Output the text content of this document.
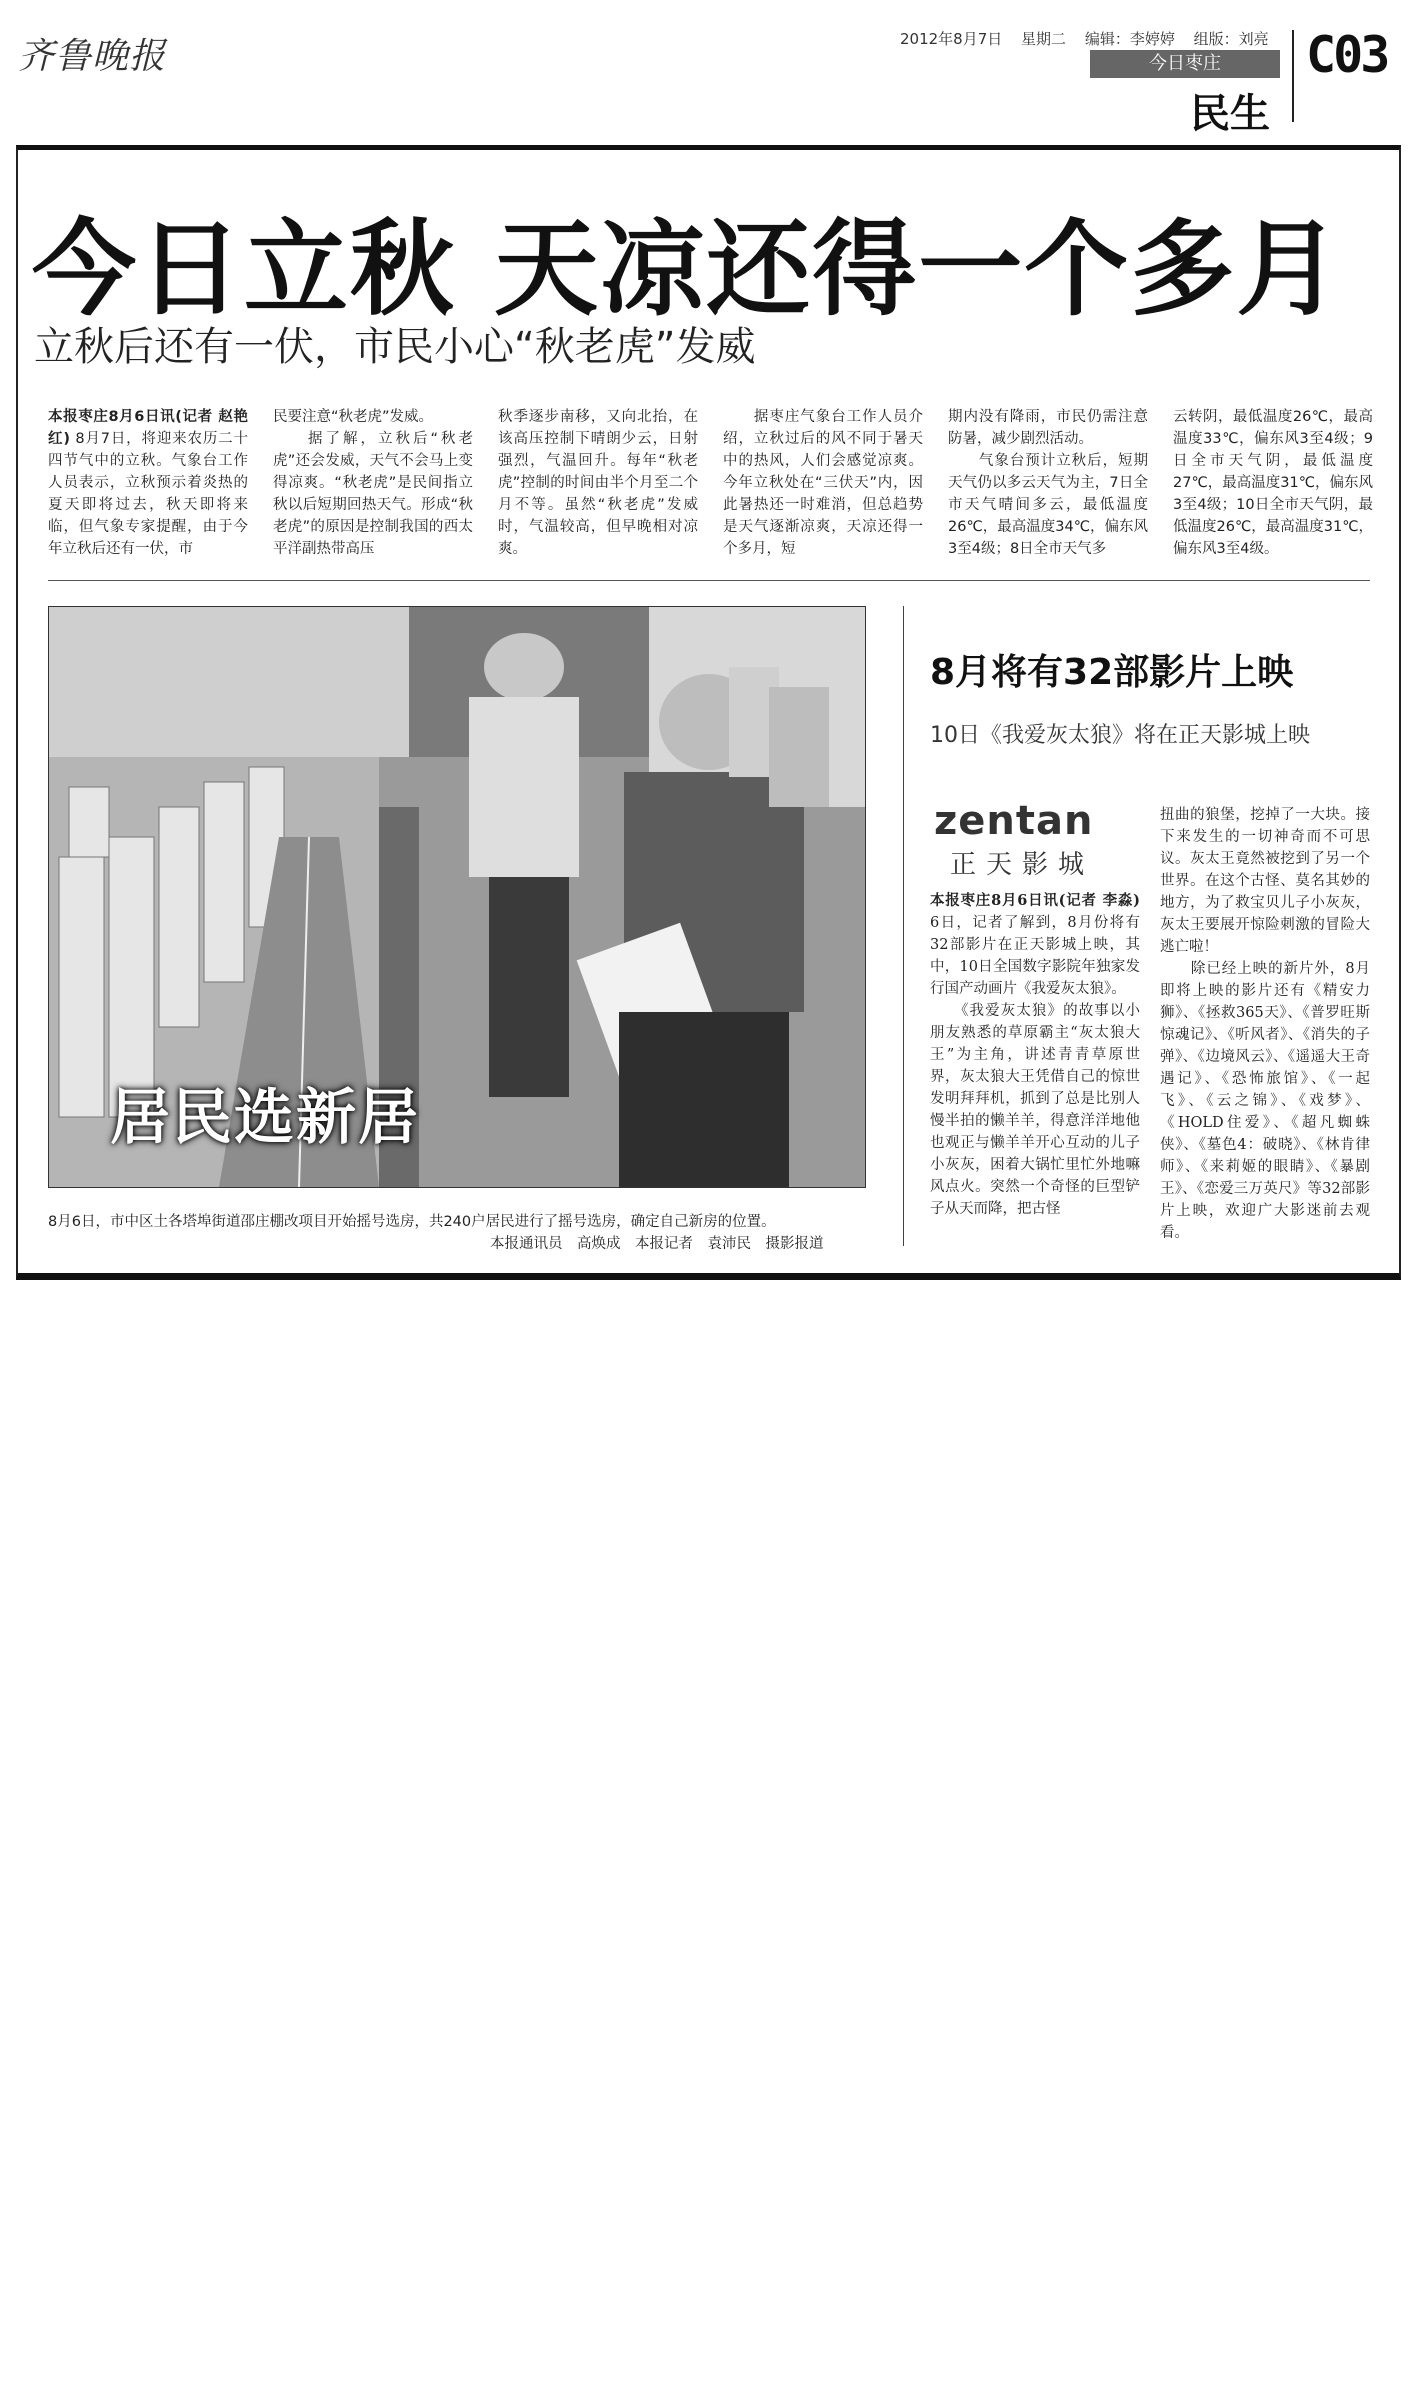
齐鲁晚报	2012年8月7日 星期二 编辑：李婷婷 组版：刘亮
今日枣庄
民生
C03
今日立秋 天凉还得一个多月
立秋后还有一伏，市民小心“秋老虎”发威
本报枣庄8月6日讯(记者 赵艳红) 8月7日，将迎来农历二十四节气中的立秋。气象台工作人员表示，立秋预示着炎热的夏天即将过去，秋天即将来临，但气象专家提醒，由于今年立秋后还有一伏，市
民要注意“秋老虎”发威。
　　据了解，立秋后“秋老虎”还会发威，天气不会马上变得凉爽。“秋老虎”是民间指立秋以后短期回热天气。形成“秋老虎”的原因是控制我国的西太平洋副热带高压
秋季逐步南移，又向北抬，在该高压控制下晴朗少云，日射强烈，气温回升。每年“秋老虎”控制的时间由半个月至二个月不等。虽然“秋老虎”发威时，气温较高，但早晚相对凉爽。
　　据枣庄气象台工作人员介绍，立秋过后的风不同于暑天中的热风，人们会感觉凉爽。今年立秋处在“三伏天”内，因此暑热还一时难消，但总趋势是天气逐渐凉爽，天凉还得一个多月，短
期内没有降雨，市民仍需注意防暑，减少剧烈活动。
　　气象台预计立秋后，短期天气仍以多云天气为主，7日全市天气晴间多云，最低温度26℃，最高温度34℃，偏东风3至4级；8日全市天气多
云转阴，最低温度26℃，最高温度33℃，偏东风3至4级；9日全市天气阴，最低温度27℃，最高温度31℃，偏东风3至4级；10日全市天气阴，最低温度26℃，最高温度31℃，偏东风3至4级。
居民选新居
8月6日，市中区土各塔埠街道邵庄棚改项目开始摇号选房，共240户居民进行了摇号选房，确定自己新房的位置。
本报通讯员　高焕成　本报记者　袁沛民　摄影报道
8月将有32部影片上映
10日《我爱灰太狼》将在正天影城上映
zentan
正天影城
本报枣庄8月6日讯(记者 李淼) 6日，记者了解到，8月份将有32部影片在正天影城上映，其中，10日全国数字影院年独家发行国产动画片《我爱灰太狼》。
　　《我爱灰太狼》的故事以小朋友熟悉的草原霸主“灰太狼大王”为主角，讲述青青草原世界，灰太狼大王凭借自己的惊世发明拜拜机，抓到了总是比别人慢半拍的懒羊羊，得意洋洋地他也观正与懒羊羊开心互动的儿子小灰灰，困着大锅忙里忙外地嘛风点火。突然一个奇怪的巨型铲子从天而降，把古怪
扭曲的狼堡，挖掉了一大块。接下来发生的一切神奇而不可思议。灰太王竟然被挖到了另一个世界。在这个古怪、莫名其妙的地方，为了救宝贝儿子小灰灰，灰太王要展开惊险刺激的冒险大逃亡啦！
　　除已经上映的新片外，8月即将上映的影片还有《精安力狮》、《拯救365天》、《普罗旺斯惊魂记》、《听风者》、《消失的子弹》、《边境风云》、《遥遥大王奇遇记》、《恐怖旅馆》、《一起飞》、《云之锦》、《戏梦》、《HOLD住爱》、《超凡蜘蛛侠》、《墓色4：破晓》、《林肯律师》、《来莉姬的眼睛》、《暴剧王》、《恋爱三万英尺》等32部影片上映，欢迎广大影迷前去观看。
